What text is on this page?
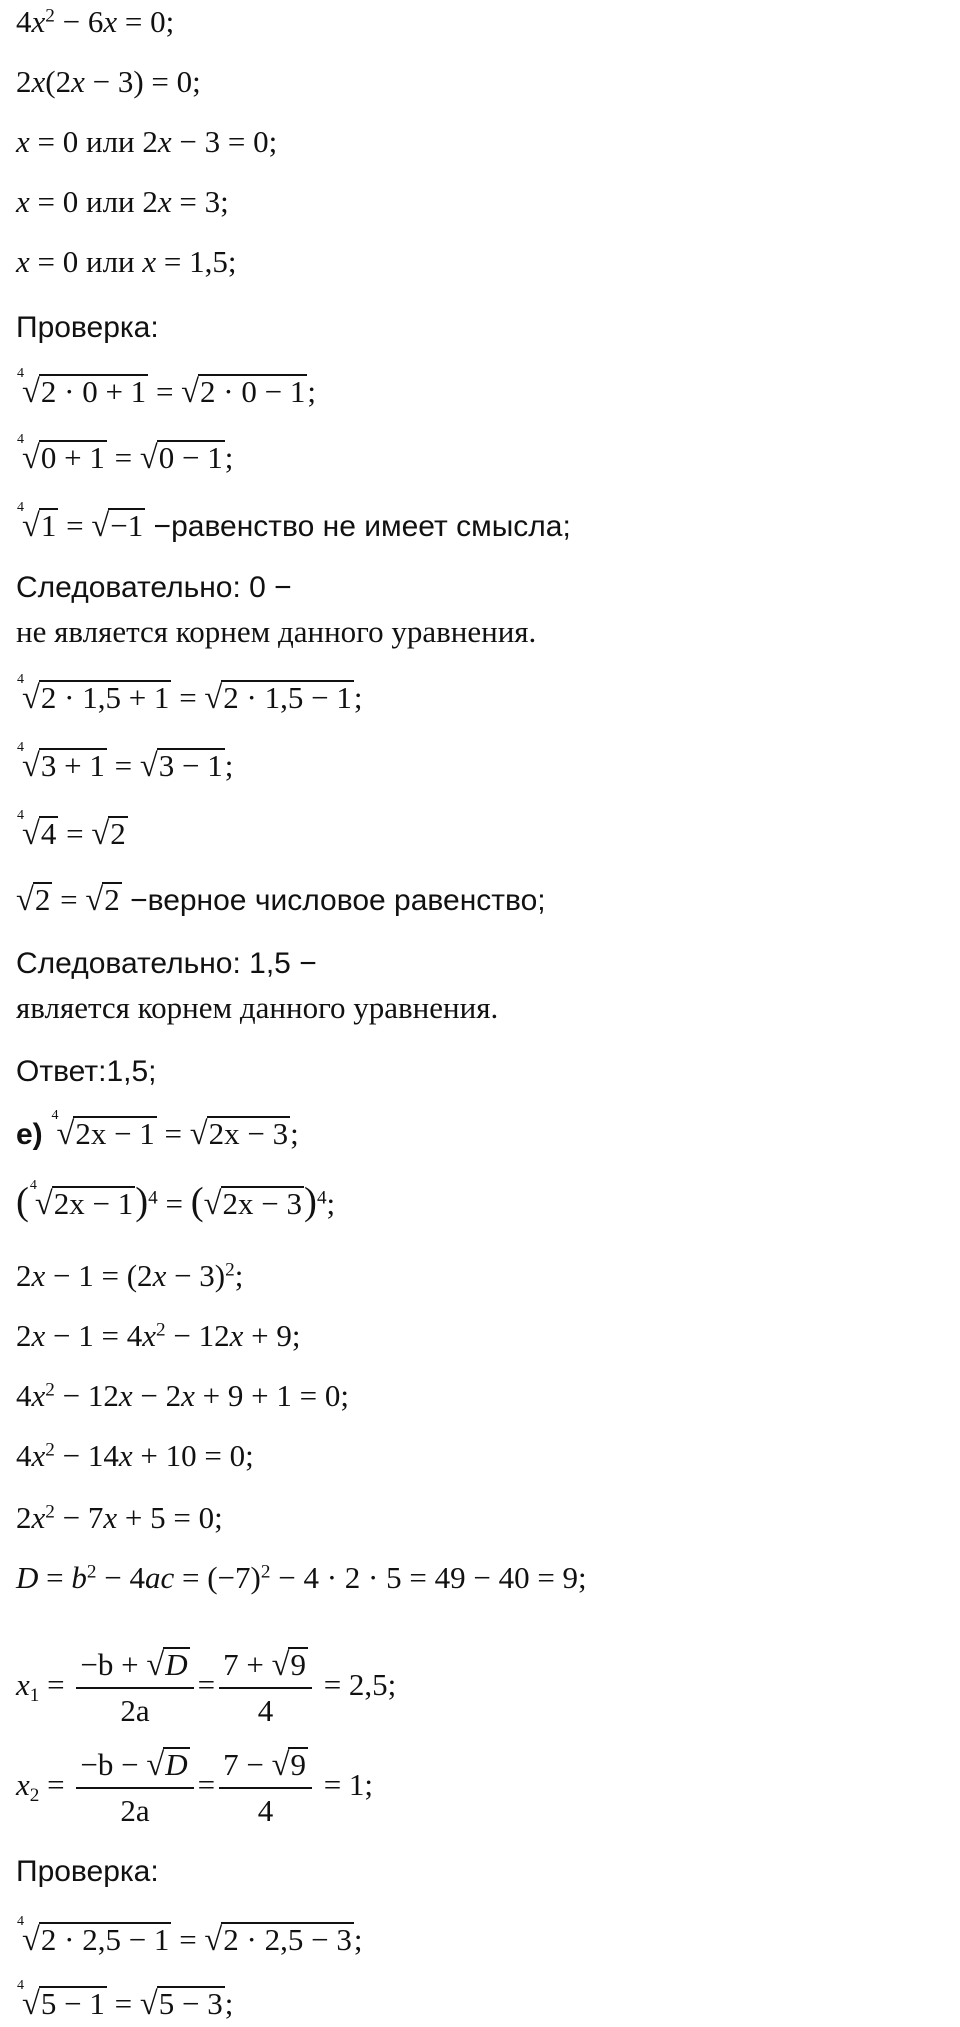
$4x^2 - 6x = 0$;
2x(2x − 3) = 0;
x = 0 или 2x − 3 = 0;
x = 0 или 2x = 3;
x = 0 или x = 1,5;
Проверка:
4
√2 · 0 + 1 = √2 · 0 − 1;
4
√0 + 1 = √0 − 1;
4
√1 = √−1 −равенство не имеет смысла;
Следовательно: 0 −
не является корнем данного уравнения.
4
√2 · 1,5 + 1 = √2 · 1,5 − 1;
4
√3 + 1 = √3 − 1;
4
√4 = √2
√2 = √2 −верное числовое равенство;
Следовательно: 1,5 −
является корнем данного уравнения.
Ответ:1,5;
е)
4
√2x − 1 = √2x − 3;
( 4
$√2x - 1)^4 = (√2x - 3)^4$;
$2x - 1 = (2x - 3)^2$;
$2x - 1 = 4x^2 - 12x + 9$;
$4x^2 - 12x - 2x + 9 + 1 = 0$;
$4x^2 - 14x + 10 = 0$;
$2x^2 - 7x + 5 = 0$;
$D = b^2 - 4ac = (-7)^2 - 4 \cdot 2 \cdot 5 = 49 - 40 = 9$;
$x_1 = \frac{-b + √D}{2a} = \frac{7 + √9}{4} = 2,5$;
$x_2 = \frac{-b - √D}{2a} = \frac{7 - √9}{4} = 1$;
Проверка:
4
√2 · 2,5 − 1 = √2 · 2,5 − 3;
4
√5 − 1 = √5 − 3;
